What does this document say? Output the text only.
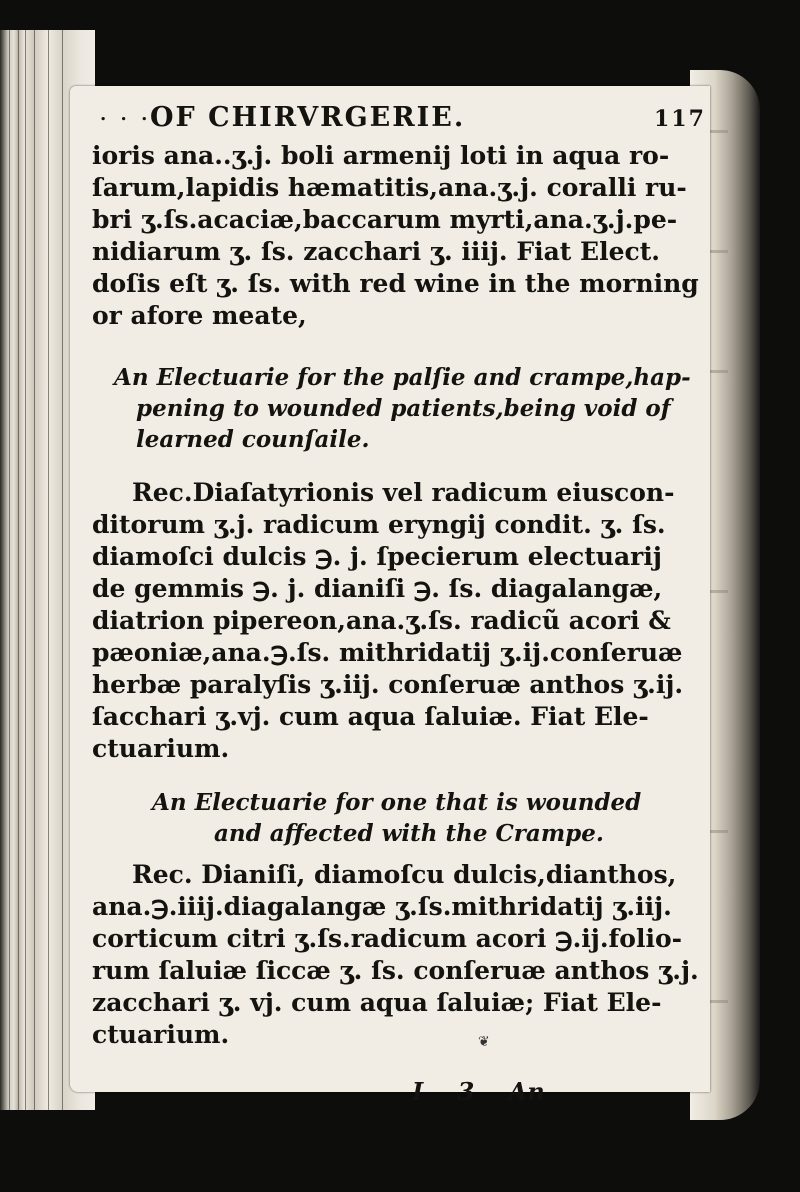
. . .
OF CHIRVRGERIE.	117
ioris ana..ʒ.j. boli armenij loti in aqua ro-
ſarum,lapidis hæmatitis,ana.ʒ.j. coralli ru-
bri ʒ.ſs.acaciæ,baccarum myrti,ana.ʒ.j.pe-
nidiarum ʒ. ſs. zacchari ʒ. iiij. Fiat Elect.
doſis eſt ʒ. ſs. with red wine in the morning
or afore meate,
An Electuarie for the palſie and crampe,hap-
pening to wounded patients,being void of
learned counſaile.
Rec.Diaſatyrionis vel radicum eiuscon-
ditorum ʒ.j. radicum eryngij condit. ʒ. ſs.
diamoſci dulcis ℈. j. ſpecierum electuarij
de gemmis ℈. j. dianiſi ℈. ſs. diagalangæ,
diatrion pipereon,ana.ʒ.ſs. radicũ acori &
pæoniæ,ana.℈.ſs. mithridatij ʒ.ij.conſeruæ
herbæ paralyſis ʒ.iij. conſeruæ anthos ʒ.ij.
ſacchari ʒ.vj. cum aqua ſaluiæ. Fiat Ele-
ctuarium.
An Electuarie for one that is wounded
and affected with the Crampe.
Rec. Dianiſi, diamoſcu dulcis,dianthos,
ana.℈.iiij.diagalangæ ʒ.ſs.mithridatij ʒ.iij.
corticum citri ʒ.ſs.radicum acori ℈.ij.folio-
rum ſaluiæ ſiccæ ʒ. ſs. conſeruæ anthos ʒ.j.
zacchari ʒ. vj. cum aqua ſaluiæ; Fiat Ele-
ctuarium.
I 3 An
❦
